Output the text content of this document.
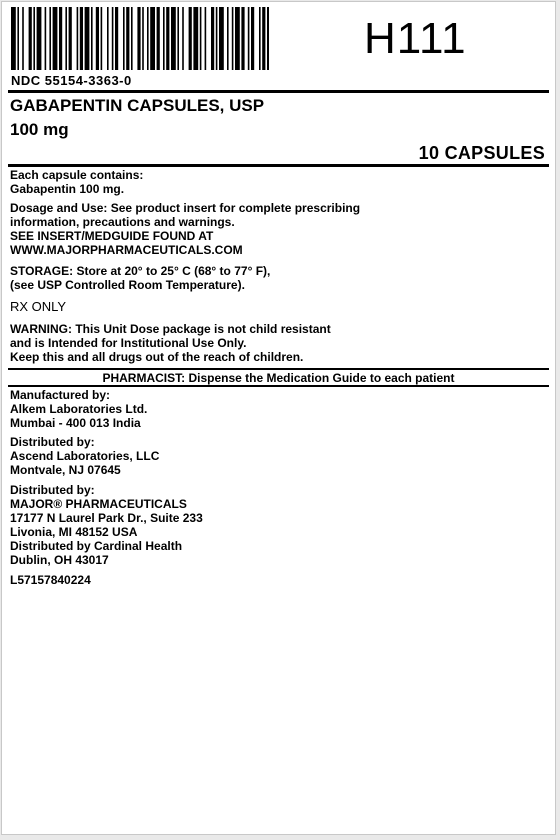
H111
NDC 55154-3363-0
GABAPENTIN CAPSULES, USP
100 mg
10 CAPSULES
Each capsule contains:
Gabapentin 100 mg.
Dosage and Use: See product insert for complete prescribing
information, precautions and warnings.
SEE INSERT/MEDGUIDE FOUND AT
WWW.MAJORPHARMACEUTICALS.COM
STORAGE: Store at 20° to 25° C (68° to 77° F),
(see USP Controlled Room Temperature).
RX ONLY
WARNING: This Unit Dose package is not child resistant
and is Intended for Institutional Use Only.
Keep this and all drugs out of the reach of children.
PHARMACIST: Dispense the Medication Guide to each patient
Manufactured by:
Alkem Laboratories Ltd.
Mumbai - 400 013 India
Distributed by:
Ascend Laboratories, LLC
Montvale, NJ 07645
Distributed by:
MAJOR® PHARMACEUTICALS
17177 N Laurel Park Dr., Suite 233
Livonia, MI 48152 USA
Distributed by Cardinal Health
Dublin, OH 43017
L57157840224
